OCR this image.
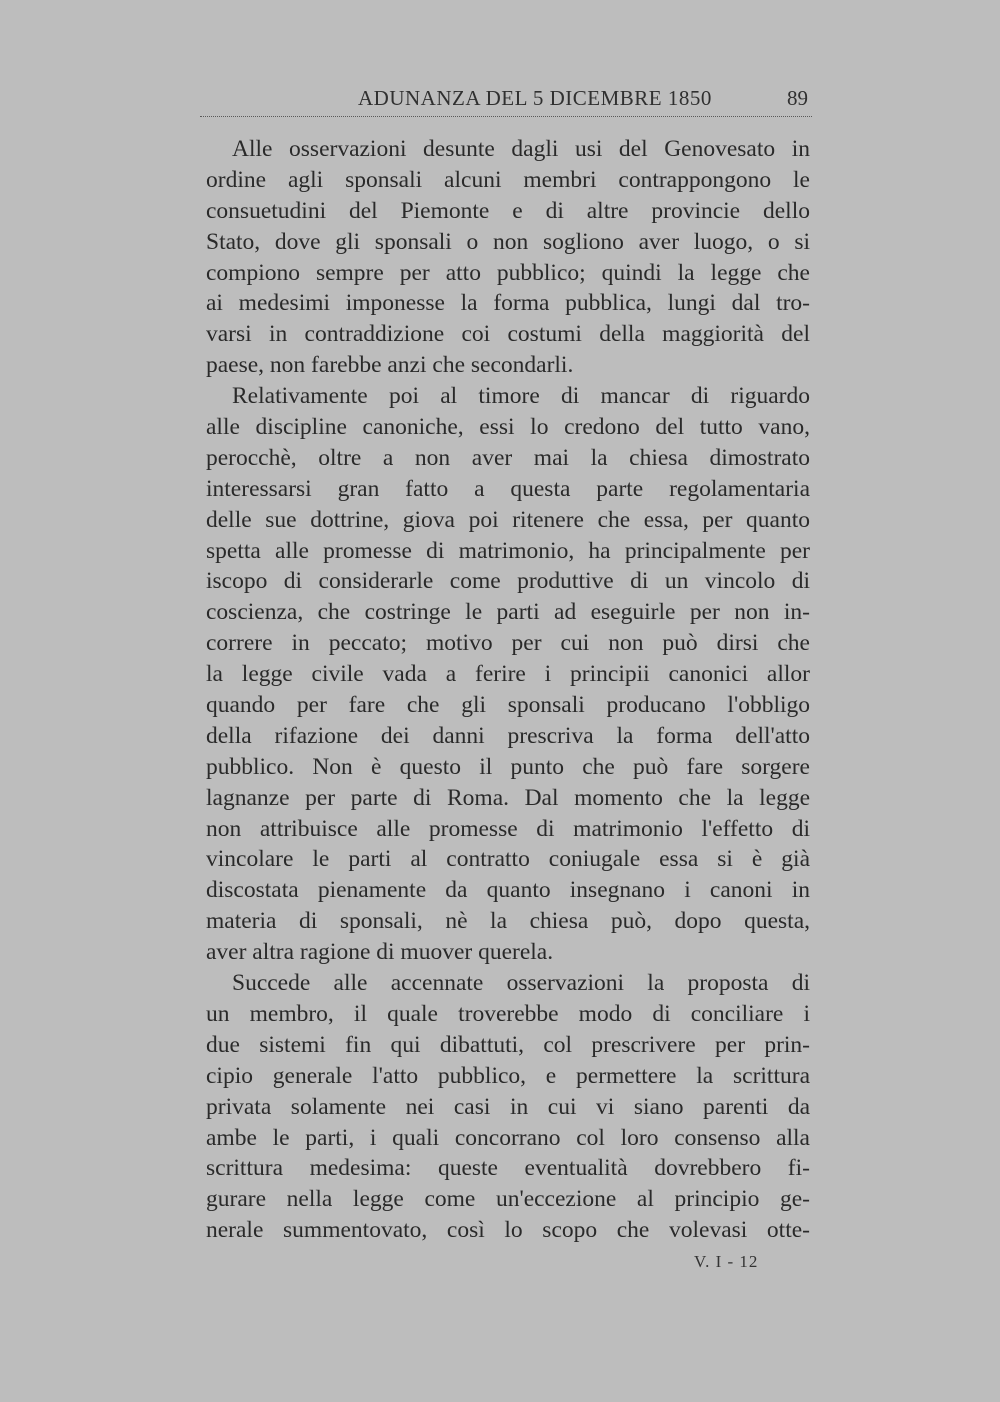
ADUNANZA DEL 5 DICEMBRE 1850	89
Alle osservazioni desunte dagli usi del Genovesato in
ordine agli sponsali alcuni membri contrappongono le
consuetudini del Piemonte e di altre provincie dello
Stato, dove gli sponsali o non sogliono aver luogo, o si
compiono sempre per atto pubblico; quindi la legge che
ai medesimi imponesse la forma pubblica, lungi dal tro-
varsi in contraddizione coi costumi della maggiorità del
paese, non farebbe anzi che secondarli.
Relativamente poi al timore di mancar di riguardo
alle discipline canoniche, essi lo credono del tutto vano,
perocchè, oltre a non aver mai la chiesa dimostrato
interessarsi gran fatto a questa parte regolamentaria
delle sue dottrine, giova poi ritenere che essa, per quanto
spetta alle promesse di matrimonio, ha principalmente per
iscopo di considerarle come produttive di un vincolo di
coscienza, che costringe le parti ad eseguirle per non in-
correre in peccato; motivo per cui non può dirsi che
la legge civile vada a ferire i principii canonici allor
quando per fare che gli sponsali producano l'obbligo
della rifazione dei danni prescriva la forma dell'atto
pubblico. Non è questo il punto che può fare sorgere
lagnanze per parte di Roma. Dal momento che la legge
non attribuisce alle promesse di matrimonio l'effetto di
vincolare le parti al contratto coniugale essa si è già
discostata pienamente da quanto insegnano i canoni in
materia di sponsali, nè la chiesa può, dopo questa,
aver altra ragione di muover querela.
Succede alle accennate osservazioni la proposta di
un membro, il quale troverebbe modo di conciliare i
due sistemi fin qui dibattuti, col prescrivere per prin-
cipio generale l'atto pubblico, e permettere la scrittura
privata solamente nei casi in cui vi siano parenti da
ambe le parti, i quali concorrano col loro consenso alla
scrittura medesima: queste eventualità dovrebbero fi-
gurare nella legge come un'eccezione al principio ge-
nerale summentovato, così lo scopo che volevasi otte-
V. I - 12
